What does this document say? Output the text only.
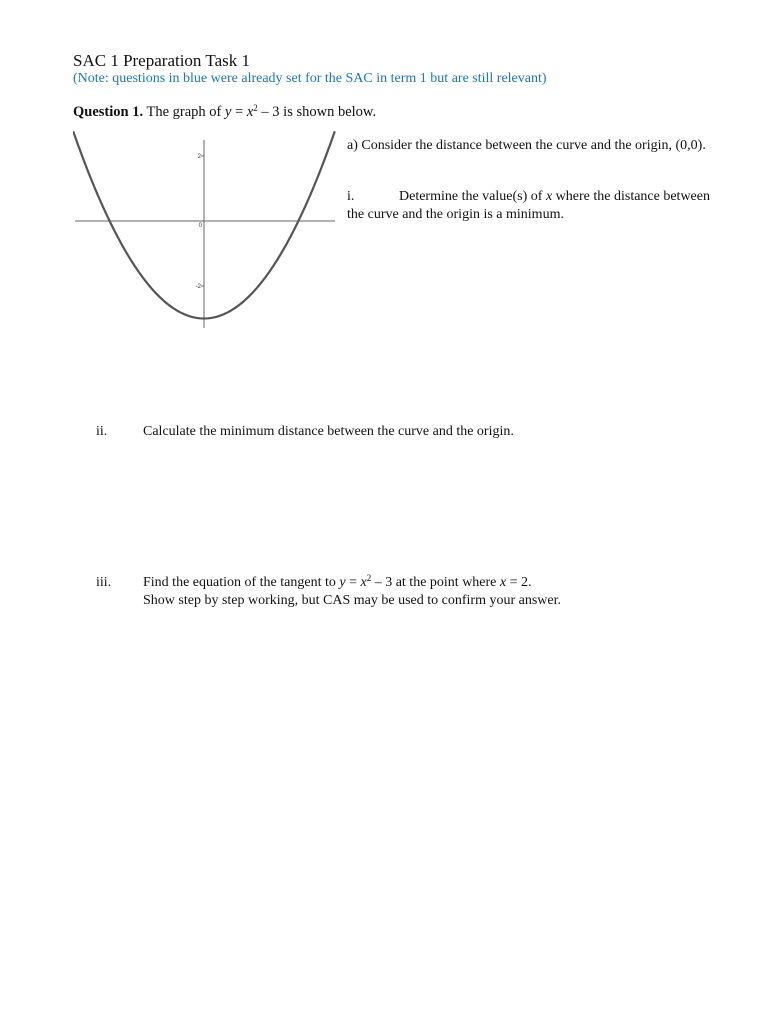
SAC 1 Preparation Task 1
(Note: questions in blue were already set for the SAC in term 1 but are still relevant)
Question 1. The graph of $y = x^2 - 3$ is shown below.
2
0
-2
a) Consider the distance between the curve and the origin, (0,0).
i.	Determine the value(s) of x where the distance between the curve and the origin is a minimum.
ii.	Calculate the minimum distance between the curve and the origin.
iii. Find the equation of the tangent to $y = x^2 - 3$ at the point where x = 2.
Show step by step working, but CAS may be used to confirm your answer.
